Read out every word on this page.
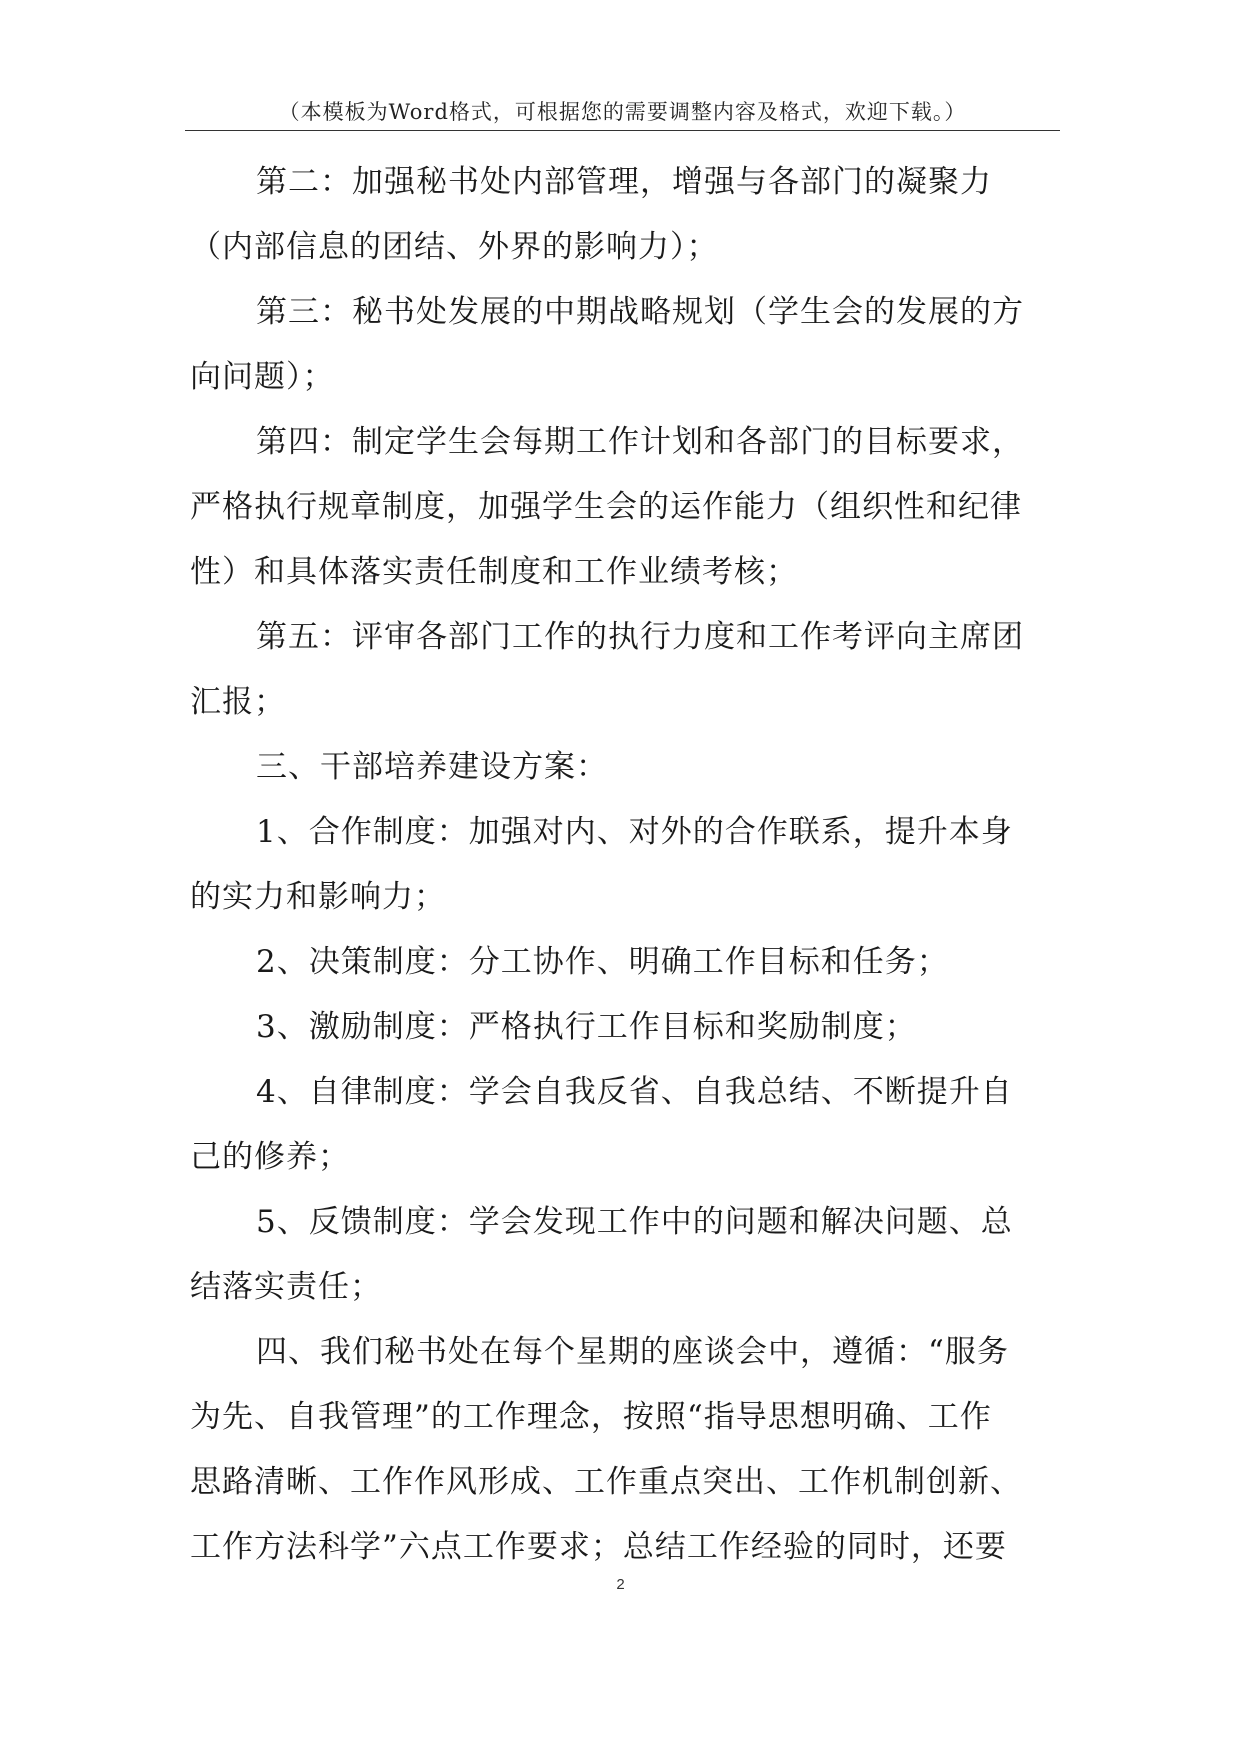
（本模板为Word格式，可根据您的需要调整内容及格式，欢迎下载。）
第二：加强秘书处内部管理，增强与各部门的凝聚力
（内部信息的团结、外界的影响力）；
第三：秘书处发展的中期战略规划（学生会的发展的方
向问题）；
第四：制定学生会每期工作计划和各部门的目标要求，
严格执行规章制度，加强学生会的运作能力（组织性和纪律
性）和具体落实责任制度和工作业绩考核；
第五：评审各部门工作的执行力度和工作考评向主席团
汇报；
三、干部培养建设方案：
1、合作制度：加强对内、对外的合作联系，提升本身
的实力和影响力；
2、决策制度：分工协作、明确工作目标和任务；
3、激励制度：严格执行工作目标和奖励制度；
4、自律制度：学会自我反省、自我总结、不断提升自
己的修养；
5、反馈制度：学会发现工作中的问题和解决问题、总
结落实责任；
四、我们秘书处在每个星期的座谈会中，遵循：“服务
为先、自我管理”的工作理念，按照“指导思想明确、工作
思路清晰、工作作风形成、工作重点突出、工作机制创新、
工作方法科学”六点工作要求；总结工作经验的同时，还要
2
